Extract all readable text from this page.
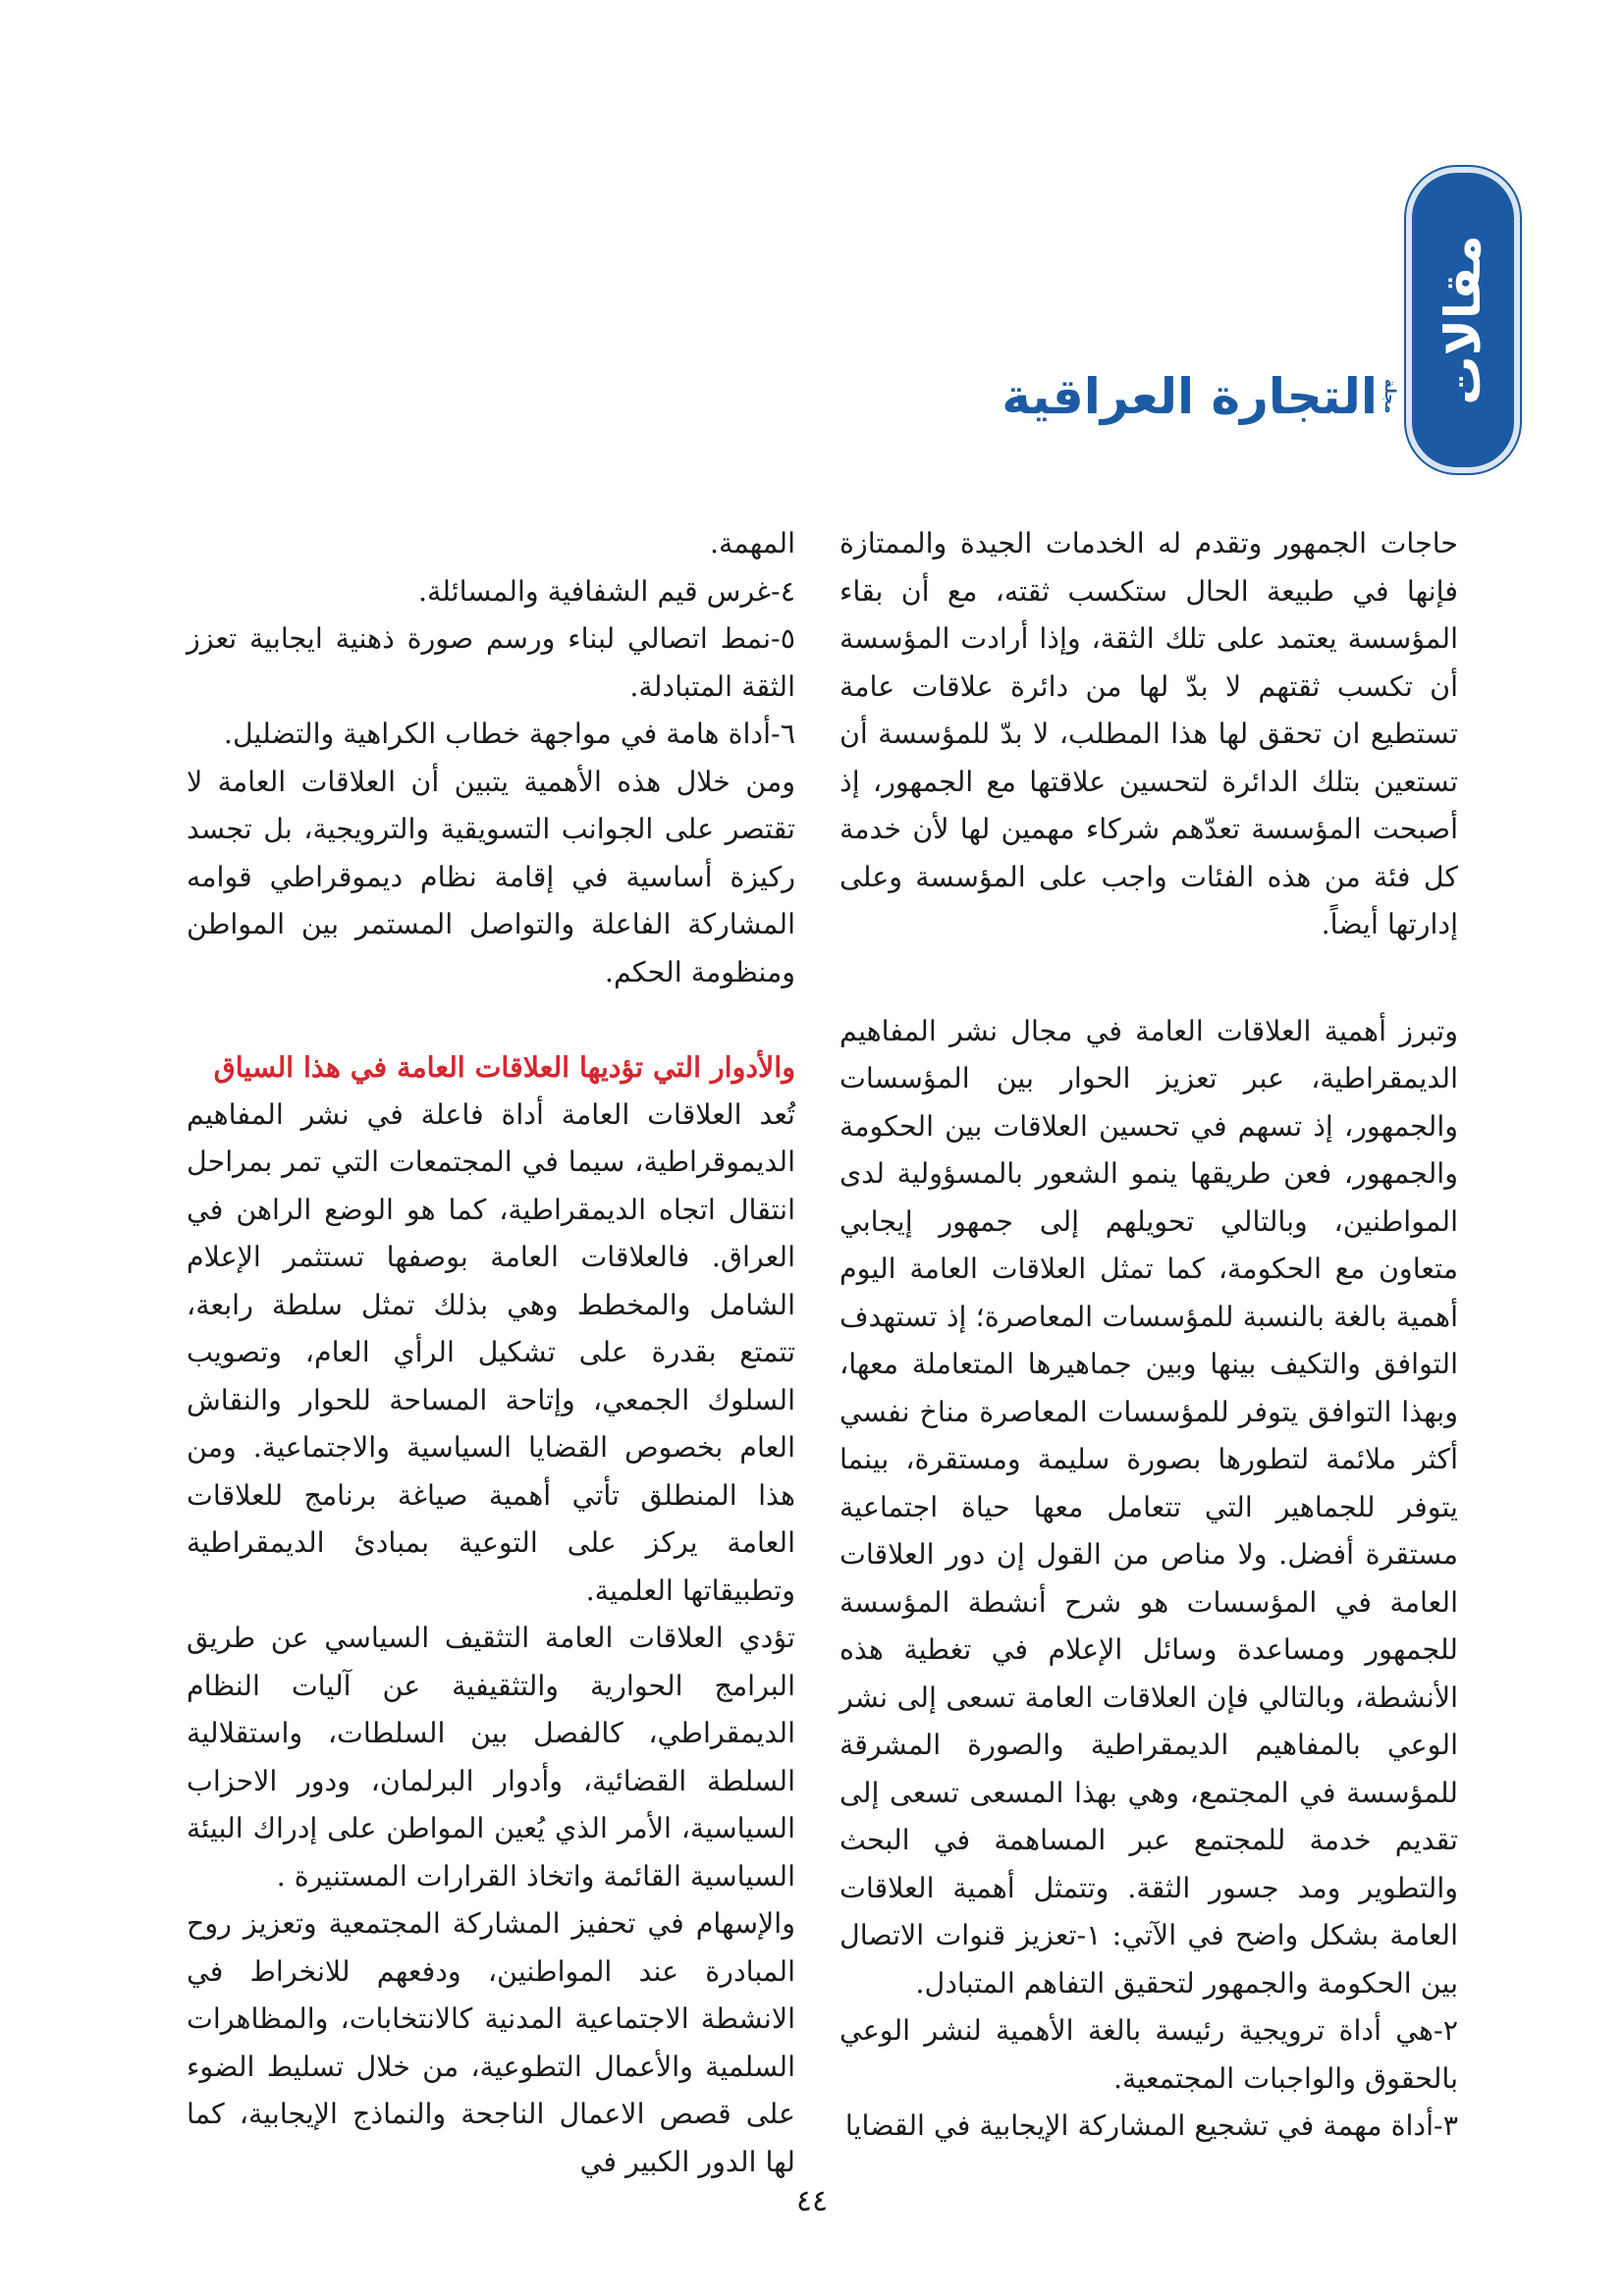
مقالات
مجلةالتجارة العراقية

حاجات الجمهور وتقدم له الخدمات الجيدة والممتازة فإنها في طبيعة الحال ستكسب ثقته، مع أن بقاء المؤسسة يعتمد على تلك الثقة، وإذا أرادت المؤسسة أن تكسب ثقتهم لا بدّ لها من دائرة علاقات عامة تستطيع ان تحقق لها هذا المطلب، لا بدّ للمؤسسة أن تستعين بتلك الدائرة لتحسين علاقتها مع الجمهور، إذ أصبحت المؤسسة تعدّهم شركاء مهمين لها لأن خدمة كل فئة من هذه الفئات واجب على المؤسسة وعلى إدارتها أيضاً.

وتبرز أهمية العلاقات العامة في مجال نشر المفاهيم الديمقراطية، عبر تعزيز الحوار بين المؤسسات والجمهور، إذ تسهم في تحسين العلاقات بين الحكومة والجمهور، فعن طريقها ينمو الشعور بالمسؤولية لدى المواطنين، وبالتالي تحويلهم إلى جمهور إيجابي متعاون مع الحكومة، كما تمثل العلاقات العامة اليوم أهمية بالغة بالنسبة للمؤسسات المعاصرة؛ إذ تستهدف التوافق والتكيف بينها وبين جماهيرها المتعاملة معها، وبهذا التوافق يتوفر للمؤسسات المعاصرة مناخ نفسي أكثر ملائمة لتطورها بصورة سليمة ومستقرة، بينما يتوفر للجماهير التي تتعامل معها حياة اجتماعية مستقرة أفضل. ولا مناص من القول إن دور العلاقات العامة في المؤسسات هو شرح أنشطة المؤسسة للجمهور ومساعدة وسائل الإعلام في تغطية هذه الأنشطة، وبالتالي فإن العلاقات العامة تسعى إلى نشر الوعي بالمفاهيم الديمقراطية والصورة المشرقة للمؤسسة في المجتمع، وهي بهذا المسعى تسعى إلى تقديم خدمة للمجتمع عبر المساهمة في البحث والتطوير ومد جسور الثقة. وتتمثل أهمية العلاقات العامة بشكل واضح في الآتي: ١-تعزيز قنوات الاتصال بين الحكومة والجمهور لتحقيق التفاهم المتبادل.

٢-هي أداة ترويجية رئيسة بالغة الأهمية لنشر الوعي بالحقوق والواجبات المجتمعية.

٣-أداة مهمة في تشجيع المشاركة الإيجابية في القضايا

المهمة.

٤-غرس قيم الشفافية والمسائلة.

٥-نمط اتصالي لبناء ورسم صورة ذهنية ايجابية تعزز الثقة المتبادلة.

٦-أداة هامة في مواجهة خطاب الكراهية والتضليل.

ومن خلال هذه الأهمية يتبين أن العلاقات العامة لا تقتصر على الجوانب التسويقية والترويجية، بل تجسد ركيزة أساسية في إقامة نظام ديموقراطي قوامه المشاركة الفاعلة والتواصل المستمر بين المواطن ومنظومة الحكم.

والأدوار التي تؤديها العلاقات العامة في هذا السياق

تُعد العلاقات العامة أداة فاعلة في نشر المفاهيم الديموقراطية، سيما في المجتمعات التي تمر بمراحل انتقال اتجاه الديمقراطية، كما هو الوضع الراهن في العراق. فالعلاقات العامة بوصفها تستثمر الإعلام الشامل والمخطط وهي بذلك تمثل سلطة رابعة، تتمتع بقدرة على تشكيل الرأي العام، وتصويب السلوك الجمعي، وإتاحة المساحة للحوار والنقاش العام بخصوص القضايا السياسية والاجتماعية. ومن هذا المنطلق تأتي أهمية صياغة برنامج للعلاقات العامة يركز على التوعية بمبادئ الديمقراطية وتطبيقاتها العلمية.

تؤدي العلاقات العامة التثقيف السياسي عن طريق البرامج الحوارية والتثقيفية عن آليات النظام الديمقراطي، كالفصل بين السلطات، واستقلالية السلطة القضائية، وأدوار البرلمان، ودور الاحزاب السياسية، الأمر الذي يُعين المواطن على إدراك البيئة السياسية القائمة واتخاذ القرارات المستنيرة .

والإسهام في تحفيز المشاركة المجتمعية وتعزيز روح المبادرة عند المواطنين، ودفعهم للانخراط في الانشطة الاجتماعية المدنية كالانتخابات، والمظاهرات السلمية والأعمال التطوعية، من خلال تسليط الضوء على قصص الاعمال الناجحة والنماذج الإيجابية، كما لها الدور الكبير في

٤٤
